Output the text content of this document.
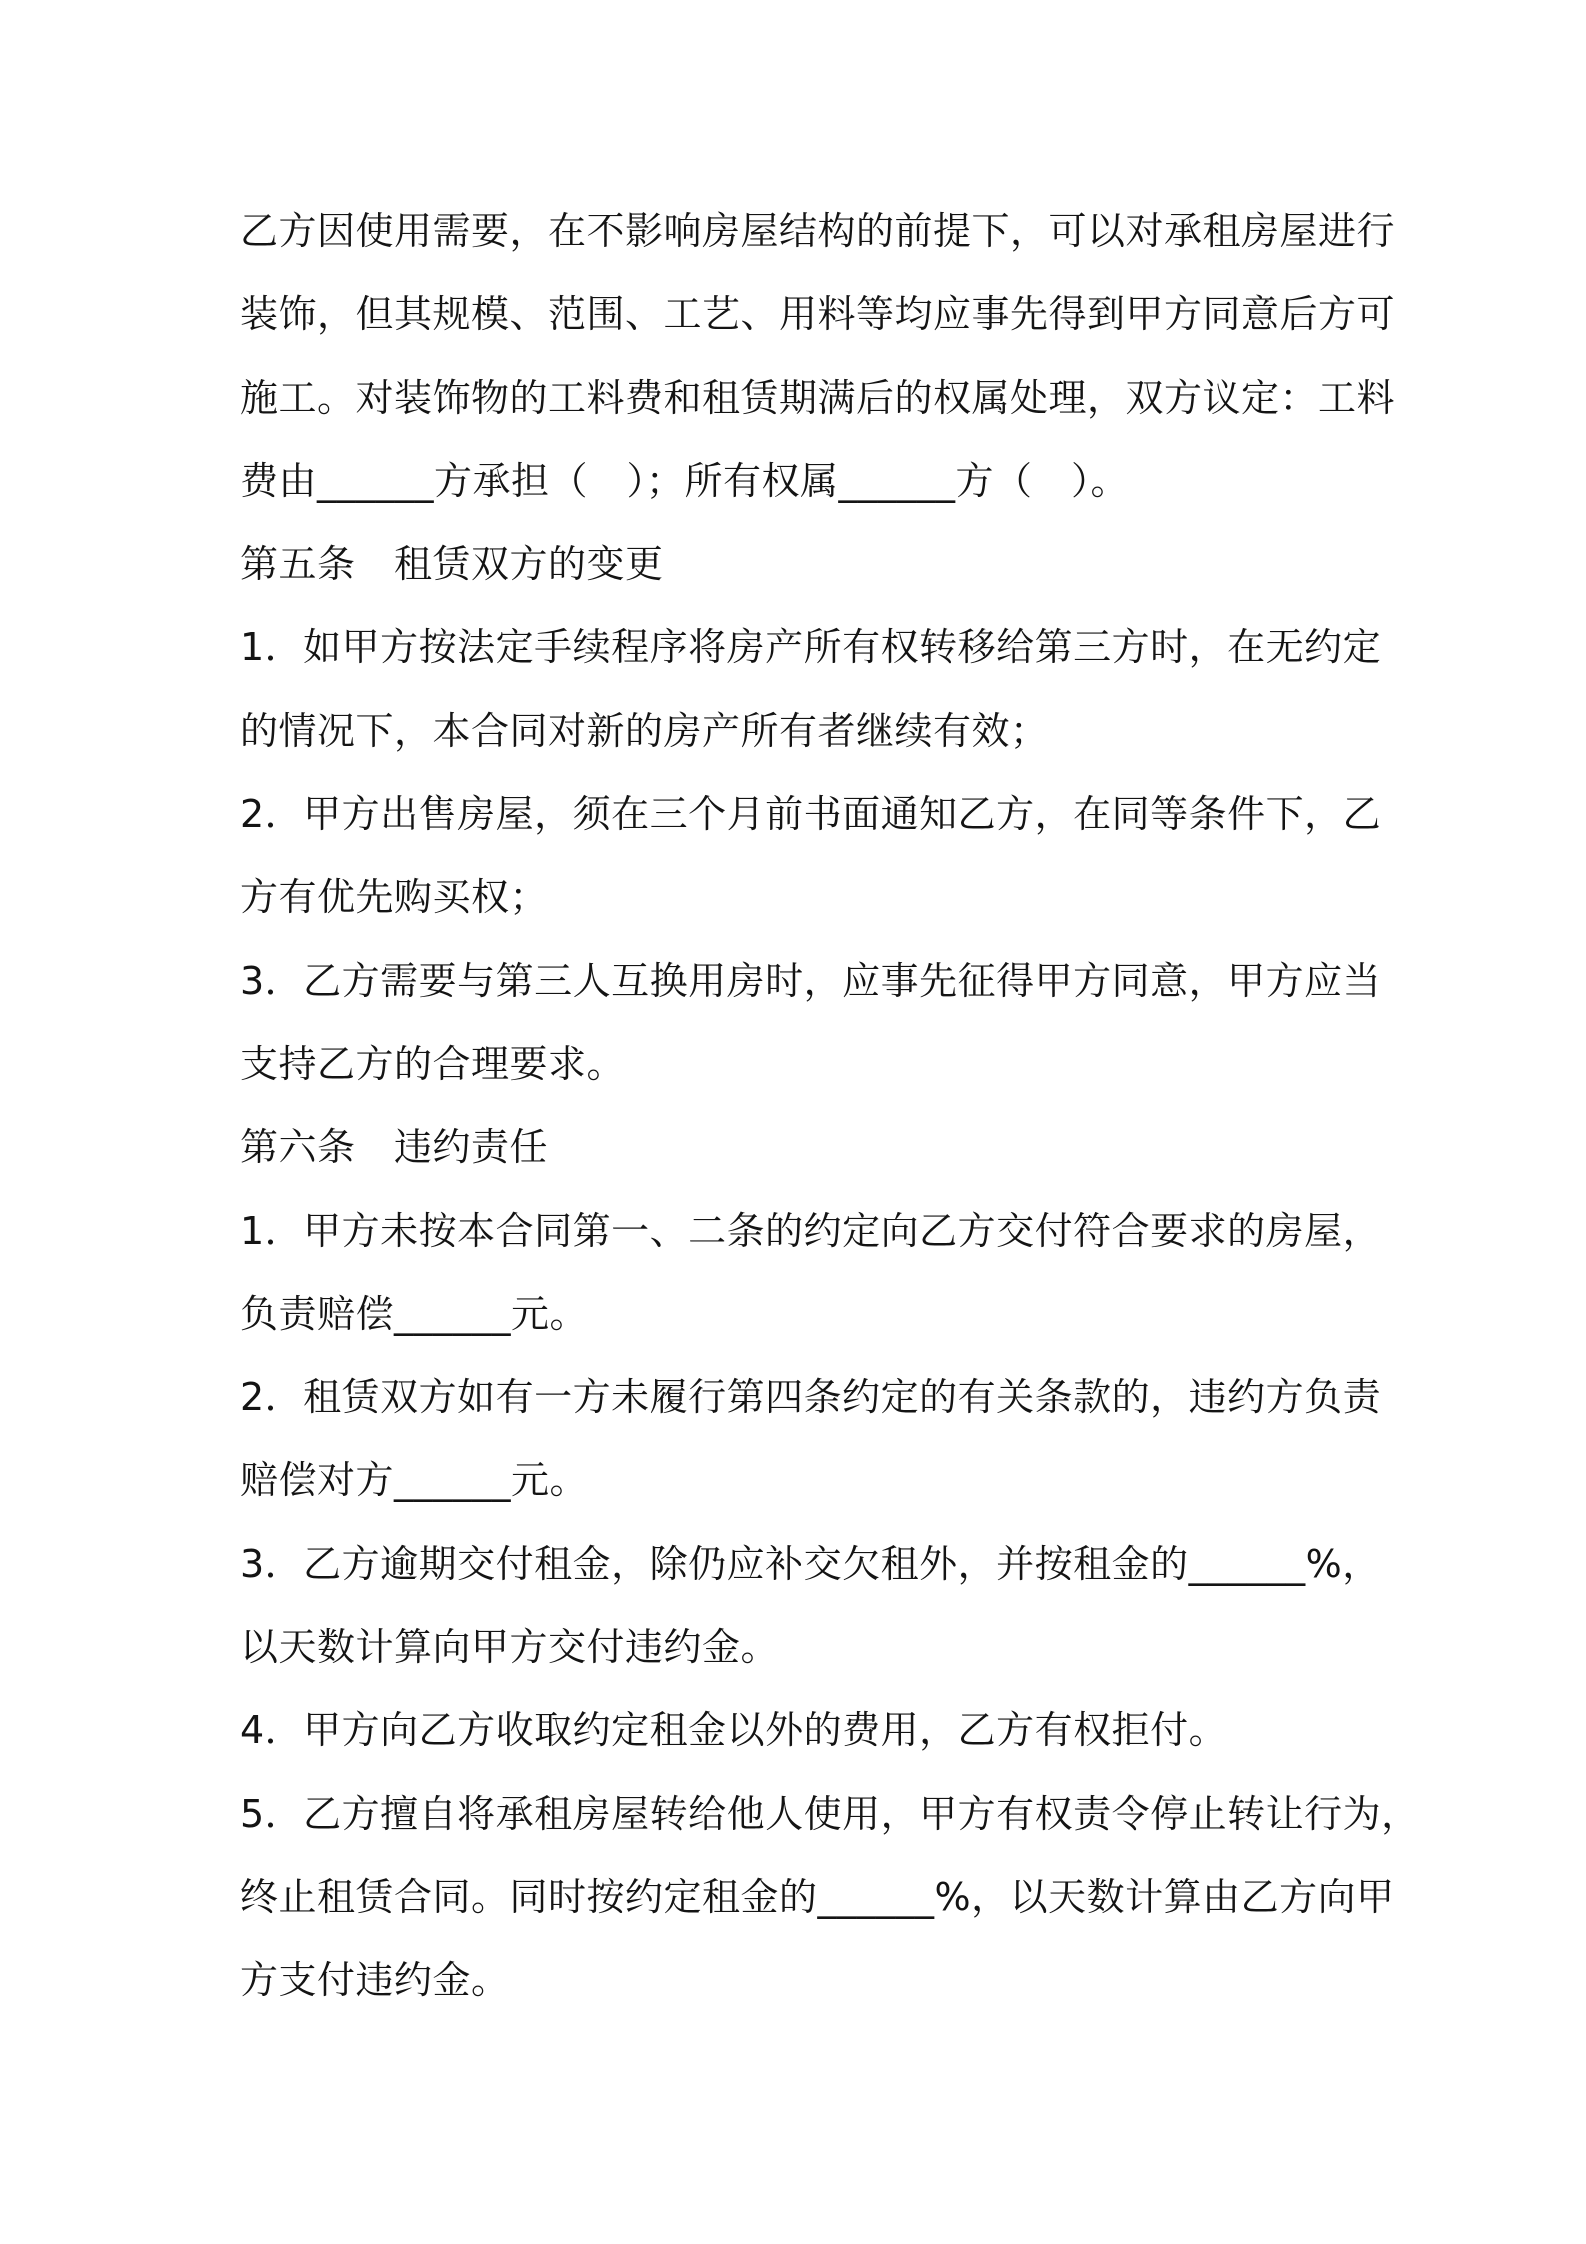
乙方因使用需要，在不影响房屋结构的前提下，可以对承租房屋进行
装饰，但其规模、范围、工艺、用料等均应事先得到甲方同意后方可
施工。对装饰物的工料费和租赁期满后的权属处理，双方议定：工料
费由______方承担（　）；所有权属______方（　）。
第五条　租赁双方的变更
1．如甲方按法定手续程序将房产所有权转移给第三方时，在无约定
的情况下，本合同对新的房产所有者继续有效；
2．甲方出售房屋，须在三个月前书面通知乙方，在同等条件下，乙
方有优先购买权；
3．乙方需要与第三人互换用房时，应事先征得甲方同意，甲方应当
支持乙方的合理要求。
第六条　违约责任
1．甲方未按本合同第一、二条的约定向乙方交付符合要求的房屋，
负责赔偿______元。
2．租赁双方如有一方未履行第四条约定的有关条款的，违约方负责
赔偿对方______元。
3．乙方逾期交付租金，除仍应补交欠租外，并按租金的______%，
以天数计算向甲方交付违约金。
4．甲方向乙方收取约定租金以外的费用，乙方有权拒付。
5．乙方擅自将承租房屋转给他人使用，甲方有权责令停止转让行为，
终止租赁合同。同时按约定租金的______%，以天数计算由乙方向甲
方支付违约金。
